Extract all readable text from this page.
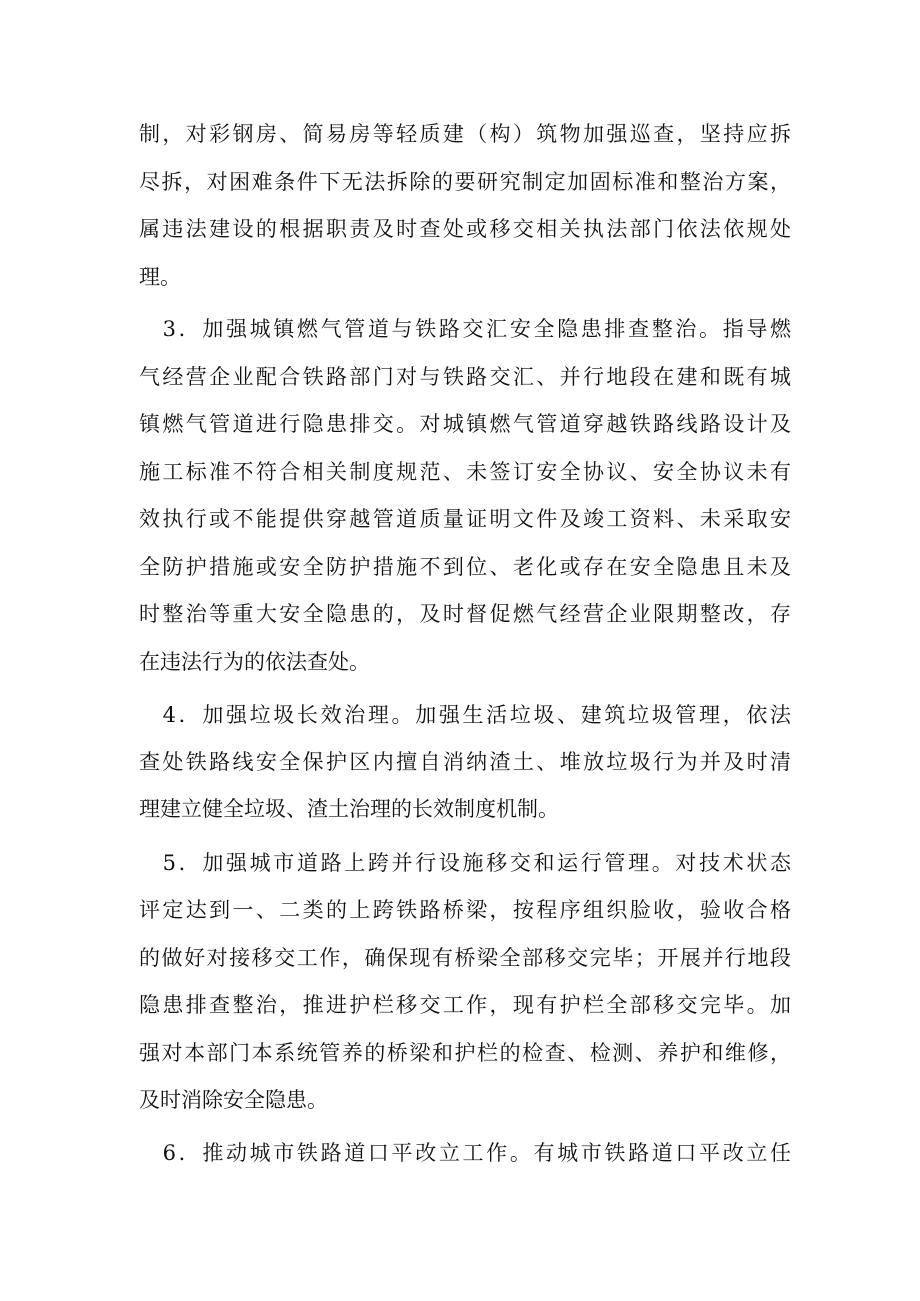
制，对彩钢房、简易房等轻质建（构）筑物加强巡查，坚持应拆
尽拆，对困难条件下无法拆除的要研究制定加固标准和整治方案，
属违法建设的根据职责及时查处或移交相关执法部门依法依规处
理。
　3．加强城镇燃气管道与铁路交汇安全隐患排查整治。指导燃
气经营企业配合铁路部门对与铁路交汇、并行地段在建和既有城
镇燃气管道进行隐患排交。对城镇燃气管道穿越铁路线路设计及
施工标准不符合相关制度规范、未签订安全协议、安全协议未有
效执行或不能提供穿越管道质量证明文件及竣工资料、未采取安
全防护措施或安全防护措施不到位、老化或存在安全隐患且未及
时整治等重大安全隐患的，及时督促燃气经营企业限期整改，存
在违法行为的依法查处。
　4．加强垃圾长效治理。加强生活垃圾、建筑垃圾管理，依法
查处铁路线安全保护区内擅自消纳渣土、堆放垃圾行为并及时清
理建立健全垃圾、渣土治理的长效制度机制。
　5．加强城市道路上跨并行设施移交和运行管理。对技术状态
评定达到一、二类的上跨铁路桥梁，按程序组织脸收，验收合格
的做好对接移交工作，确保现有桥梁全部移交完毕；开展并行地段
隐患排查整治，推进护栏移交工作，现有护栏全部移交完毕。加
强对本部门本系统管养的桥梁和护栏的检查、检测、养护和维修，
及时消除安全隐患。
　6．推动城市铁路道口平改立工作。有城市铁路道口平改立任
